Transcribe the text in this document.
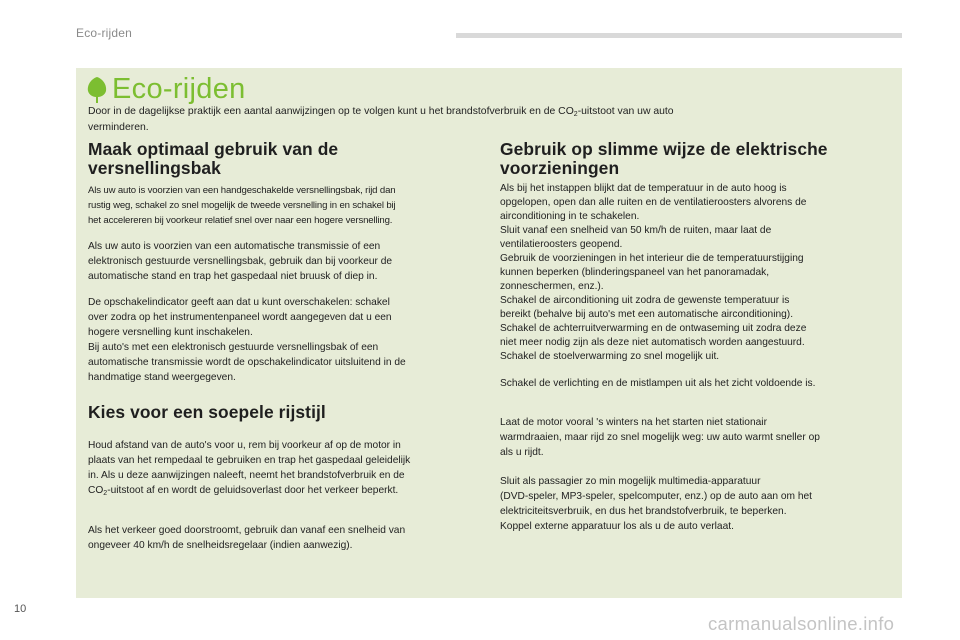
Eco-rijden
Eco-rijden
Door in de dagelijkse praktijk een aantal aanwijzingen op te volgen kunt u het brandstofverbruik en de $CO_2$-uitstoot van uw auto
verminderen.
Maak optimaal gebruik van de
versnellingsbak
Als uw auto is voorzien van een handgeschakelde versnellingsbak, rijd dan
rustig weg, schakel zo snel mogelijk de tweede versnelling in en schakel bij
het accelereren bij voorkeur relatief snel over naar een hogere versnelling.
Als uw auto is voorzien van een automatische transmissie of een
elektronisch gestuurde versnellingsbak, gebruik dan bij voorkeur de
automatische stand en trap het gaspedaal niet bruusk of diep in.
De opschakelindicator geeft aan dat u kunt overschakelen: schakel
over zodra op het instrumentenpaneel wordt aangegeven dat u een
hogere versnelling kunt inschakelen.
Bij auto's met een elektronisch gestuurde versnellingsbak of een
automatische transmissie wordt de opschakelindicator uitsluitend in de
handmatige stand weergegeven.
Kies voor een soepele rijstijl
Houd afstand van de auto's voor u, rem bij voorkeur af op de motor in
plaats van het rempedaal te gebruiken en trap het gaspedaal geleidelijk
in. Als u deze aanwijzingen naleeft, neemt het brandstofverbruik en de
$CO_2$-uitstoot af en wordt de geluidsoverlast door het verkeer beperkt.
Als het verkeer goed doorstroomt, gebruik dan vanaf een snelheid van
ongeveer 40 km/h de snelheidsregelaar (indien aanwezig).
Gebruik op slimme wijze de elektrische
voorzieningen
Als bij het instappen blijkt dat de temperatuur in de auto hoog is
opgelopen, open dan alle ruiten en de ventilatieroosters alvorens de
airconditioning in te schakelen.
Sluit vanaf een snelheid van 50 km/h de ruiten, maar laat de
ventilatieroosters geopend.
Gebruik de voorzieningen in het interieur die de temperatuurstijging
kunnen beperken (blinderingspaneel van het panoramadak,
zonneschermen, enz.).
Schakel de airconditioning uit zodra de gewenste temperatuur is
bereikt (behalve bij auto's met een automatische airconditioning).
Schakel de achterruitverwarming en de ontwaseming uit zodra deze
niet meer nodig zijn als deze niet automatisch worden aangestuurd.
Schakel de stoelverwarming zo snel mogelijk uit.
Schakel de verlichting en de mistlampen uit als het zicht voldoende is.
Laat de motor vooral 's winters na het starten niet stationair
warmdraaien, maar rijd zo snel mogelijk weg: uw auto warmt sneller op
als u rijdt.
Sluit als passagier zo min mogelijk multimedia-apparatuur
(DVD-speler, MP3-speler, spelcomputer, enz.) op de auto aan om het
elektriciteitsverbruik, en dus het brandstofverbruik, te beperken.
Koppel externe apparatuur los als u de auto verlaat.
10
carmanualsonline.info
